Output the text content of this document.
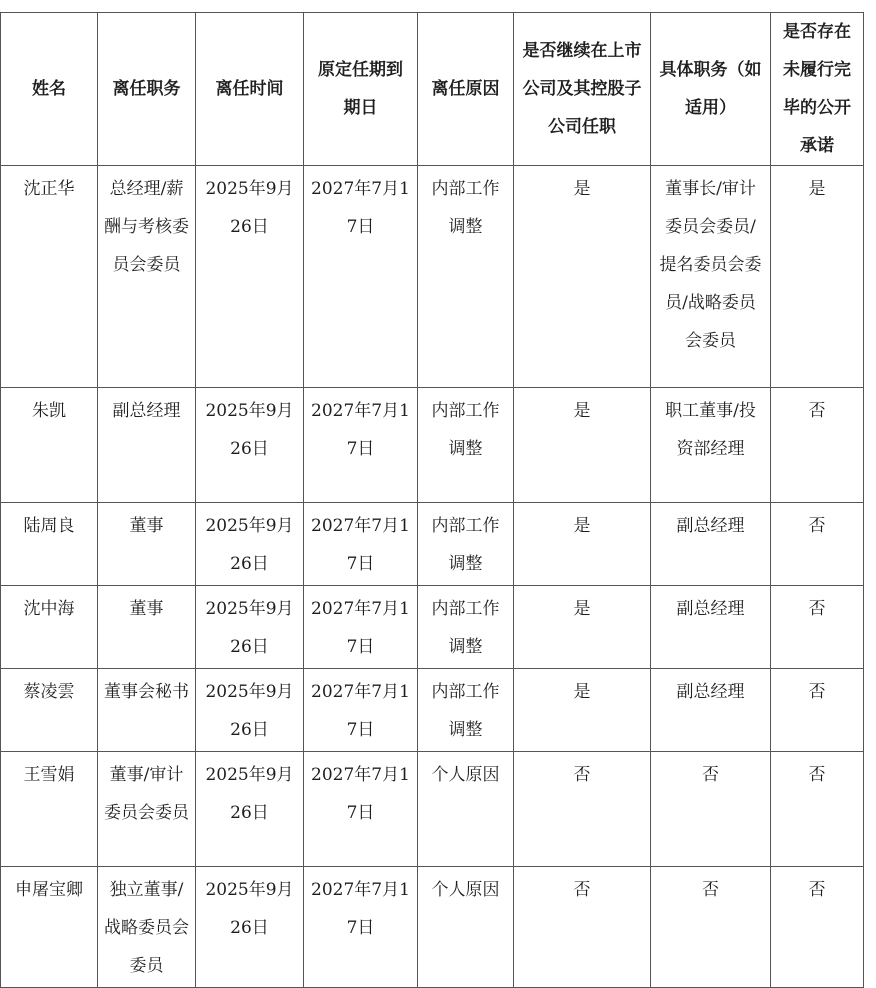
姓名	离任职务	离任时间	原定任期到期日	离任原因	是否继续在上市公司及其控股子公司任职	具体职务（如适用）	是否存在未履行完毕的公开承诺
沈正华	总经理/薪酬与考核委员会委员	2025年9月26日	2027年7月17日	内部工作调整	是	董事长/审计委员会委员/提名委员会委员/战略委员会委员	是
朱凯	副总经理	2025年9月26日	2027年7月17日	内部工作调整	是	职工董事/投资部经理	否
陆周良	董事	2025年9月26日	2027年7月17日	内部工作调整	是	副总经理	否
沈中海	董事	2025年9月26日	2027年7月17日	内部工作调整	是	副总经理	否
蔡凌雲	董事会秘书	2025年9月26日	2027年7月17日	内部工作调整	是	副总经理	否
王雪娟	董事/审计委员会委员	2025年9月26日	2027年7月17日	个人原因	否	否	否
申屠宝卿	独立董事/战略委员会委员	2025年9月26日	2027年7月17日	个人原因	否	否	否
